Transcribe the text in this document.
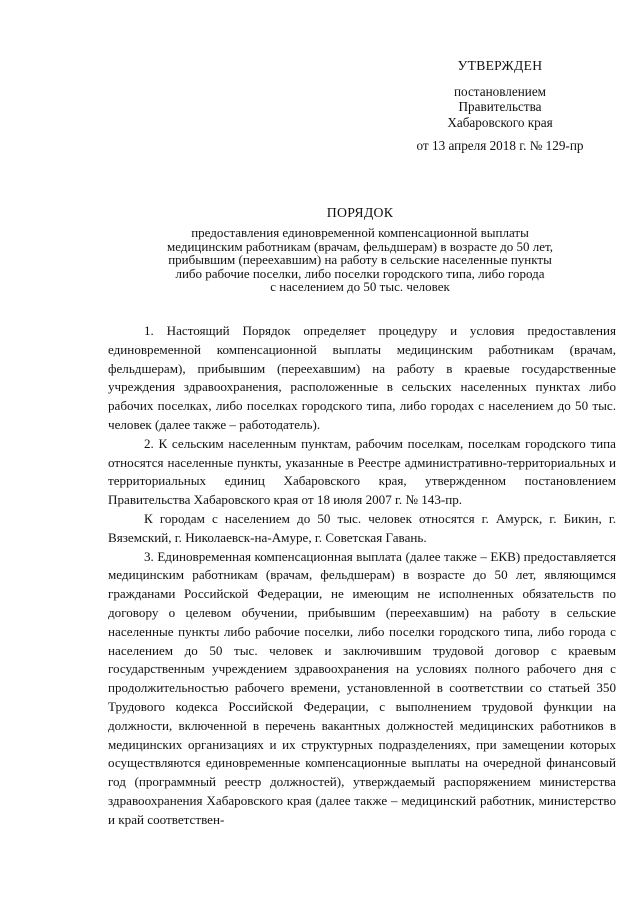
УТВЕРЖДЕН
постановлением
Правительства
Хабаровского края
от 13 апреля 2018 г. № 129-пр
ПОРЯДОК
предоставления единовременной компенсационной выплаты
медицинским работникам (врачам, фельдшерам) в возрасте до 50 лет,
прибывшим (переехавшим) на работу в сельские населенные пункты
либо рабочие поселки, либо поселки городского типа, либо города
с населением до 50 тыс. человек

1. Настоящий Порядок определяет процедуру и условия предоставления единовременной компенсационной выплаты медицинским работникам (врачам, фельдшерам), прибывшим (переехавшим) на работу в краевые государственные учреждения здравоохранения, расположенные в сельских населенных пунктах либо рабочих поселках, либо поселках городского типа, либо городах с населением до 50 тыс. человек (далее также – работодатель).

2. К сельским населенным пунктам, рабочим поселкам, поселкам городского типа относятся населенные пункты, указанные в Реестре административно-территориальных и территориальных единиц Хабаровского края, утвержденном постановлением Правительства Хабаровского края от 18 июля 2007 г. № 143-пр.

К городам с населением до 50 тыс. человек относятся г. Амурск, г. Бикин, г. Вяземский, г. Николаевск-на-Амуре, г. Советская Гавань.

3. Единовременная компенсационная выплата (далее также – ЕКВ) предоставляется медицинским работникам (врачам, фельдшерам) в возрасте до 50 лет, являющимся гражданами Российской Федерации, не имеющим не исполненных обязательств по договору о целевом обучении, прибывшим (переехавшим) на работу в сельские населенные пункты либо рабочие поселки, либо поселки городского типа, либо города с населением до 50 тыс. человек и заключившим трудовой договор с краевым государственным учреждением здравоохранения на условиях полного рабочего дня с продолжительностью рабочего времени, установленной в соответствии со статьей 350 Трудового кодекса Российской Федерации, с выполнением трудовой функции на должности, включенной в перечень вакантных должностей медицинских работников в медицинских организациях и их структурных подразделениях, при замещении которых осуществляются единовременные компенсационные выплаты на очередной финансовый год (программный реестр должностей), утверждаемый распоряжением министерства здравоохранения Хабаровского края (далее также – медицинский работник, министерство и край соответствен-
